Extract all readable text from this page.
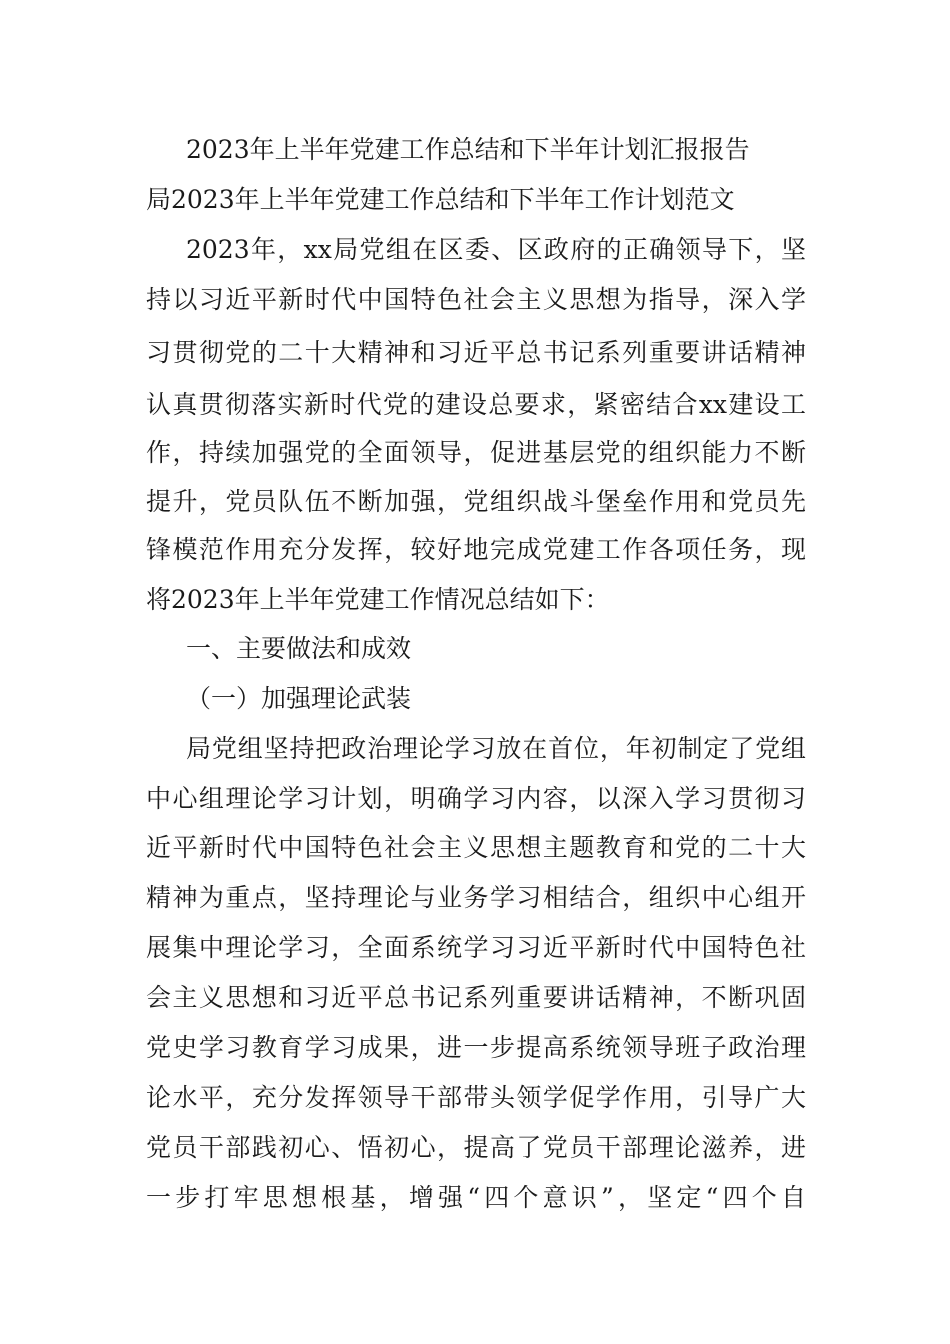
2023年上半年党建工作总结和下半年计划汇报报告
局2023年上半年党建工作总结和下半年工作计划范文
2023年，xx局党组在区委、区政府的正确领导下，坚
持以习近平新时代中国特色社会主义思想为指导，深入学
习贯彻党的二十大精神和习近平总书记系列重要讲话精神
认真贯彻落实新时代党的建设总要求，紧密结合xx建设工
作，持续加强党的全面领导，促进基层党的组织能力不断
提升，党员队伍不断加强，党组织战斗堡垒作用和党员先
锋模范作用充分发挥，较好地完成党建工作各项任务，现
将2023年上半年党建工作情况总结如下：
一、主要做法和成效
（一）加强理论武装
局党组坚持把政治理论学习放在首位，年初制定了党组
中心组理论学习计划，明确学习内容，以深入学习贯彻习
近平新时代中国特色社会主义思想主题教育和党的二十大
精神为重点，坚持理论与业务学习相结合，组织中心组开
展集中理论学习，全面系统学习习近平新时代中国特色社
会主义思想和习近平总书记系列重要讲话精神，不断巩固
党史学习教育学习成果，进一步提高系统领导班子政治理
论水平，充分发挥领导干部带头领学促学作用，引导广大
党员干部践初心、悟初心，提高了党员干部理论滋养，进
一步打牢思想根基，增强“四个意识”，坚定“四个自
